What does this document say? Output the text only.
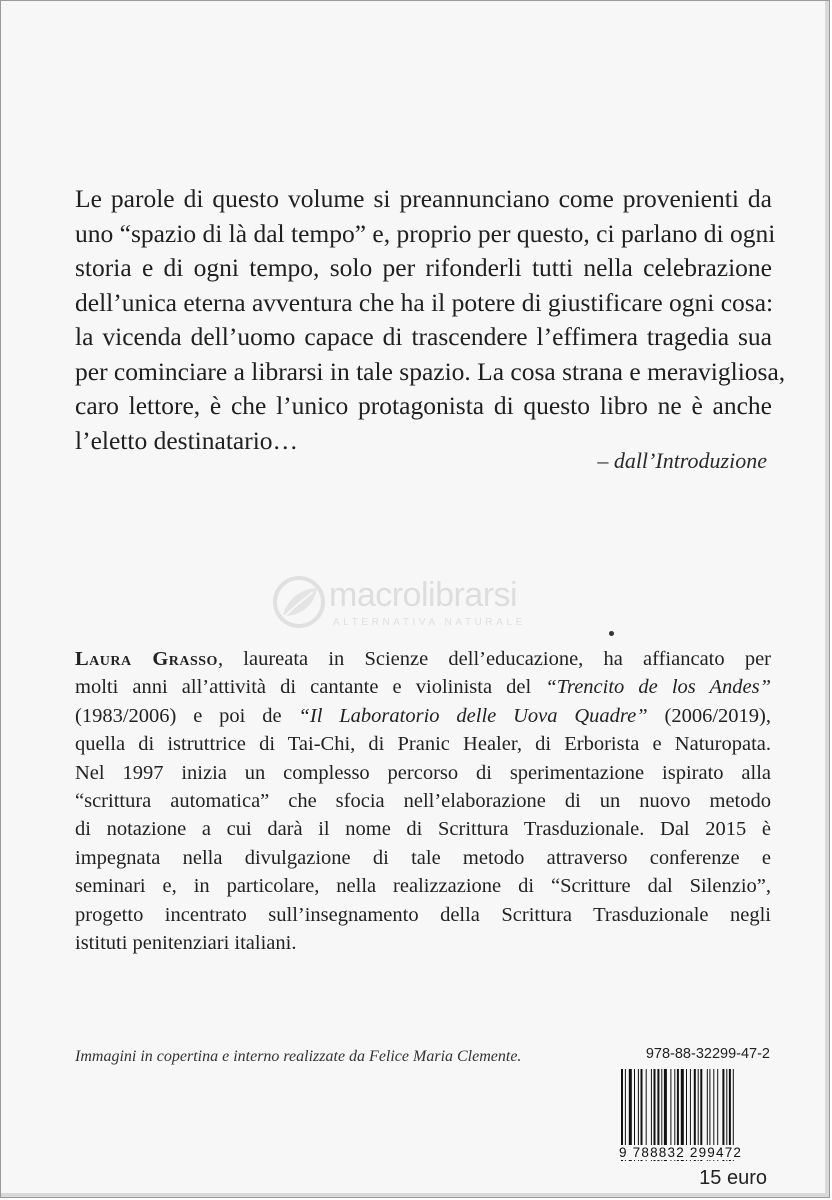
Le parole di questo volume si preannunciano come provenienti da
uno “spazio di là dal tempo” e, proprio per questo, ci parlano di ogni
storia e di ogni tempo, solo per rifonderli tutti nella celebrazione
dell’unica eterna avventura che ha il potere di giustificare ogni cosa:
la vicenda dell’uomo capace di trascendere l’effimera tragedia sua
per cominciare a librarsi in tale spazio. La cosa strana e meravigliosa,
caro lettore, è che l’unico protagonista di questo libro ne è anche
l’eletto destinatario…
– dall’Introduzione
macrolibrarsi
ALTERNATIVA NATURALE
Laura Grasso, laureata in Scienze dell’educazione, ha affiancato per
molti anni all’attività di cantante e violinista del “Trencito de los Andes”
(1983/2006) e poi de “Il Laboratorio delle Uova Quadre” (2006/2019),
quella di istruttrice di Tai-Chi, di Pranic Healer, di Erborista e Naturopata.
Nel 1997 inizia un complesso percorso di sperimentazione ispirato alla
“scrittura automatica” che sfocia nell’elaborazione di un nuovo metodo
di notazione a cui darà il nome di Scrittura Trasduzionale. Dal 2015 è
impegnata nella divulgazione di tale metodo attraverso conferenze e
seminari e, in particolare, nella realizzazione di “Scritture dal Silenzio”,
progetto incentrato sull’insegnamento della Scrittura Trasduzionale negli
istituti penitenziari italiani.
Immagini in copertina e interno realizzate da Felice Maria Clemente.	978-88-32299-47-2
9 788832 299472
15 euro
